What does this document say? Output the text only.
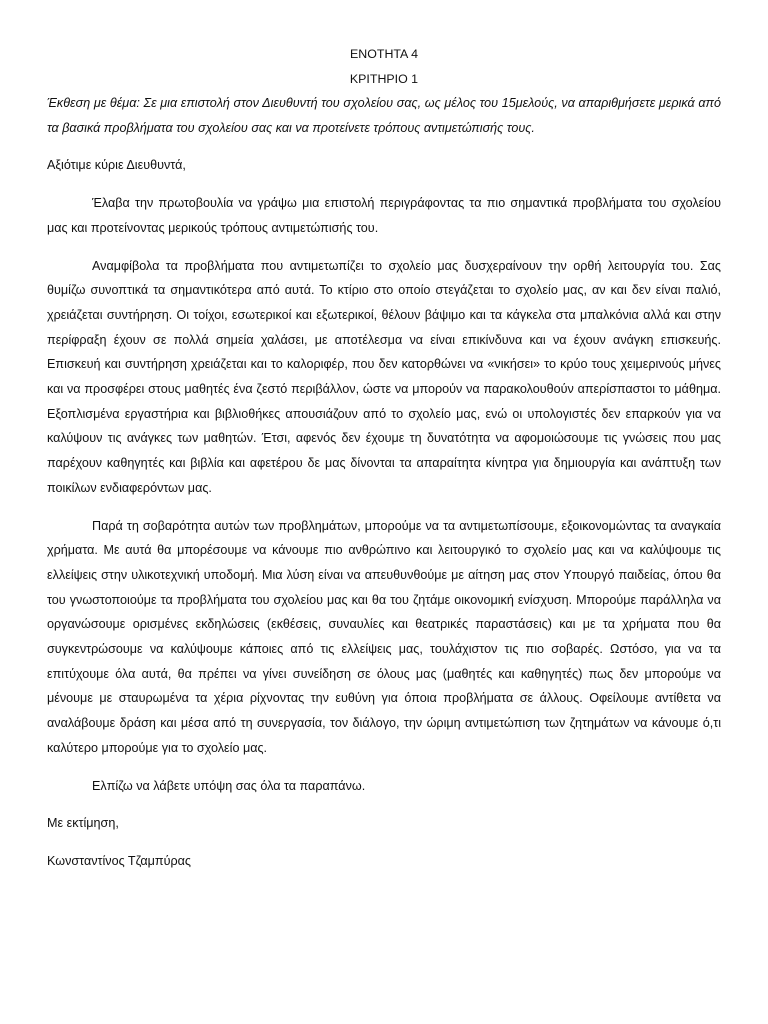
ΕΝΟΤΗΤΑ 4

ΚΡΙΤΗΡΙΟ 1

Έκθεση με θέμα: Σε μια επιστολή στον Διευθυντή του σχολείου σας, ως μέλος του 15μελούς, να απαριθμήσετε μερικά από τα βασικά προβλήματα του σχολείου σας και να προτείνετε τρόπους αντιμετώπισής τους.

Αξιότιμε κύριε Διευθυντά,

Έλαβα την πρωτοβουλία να γράψω μια επιστολή περιγράφοντας τα πιο σημαντικά προβλήματα του σχολείου μας και προτείνοντας μερικούς τρόπους αντιμετώπισής του.

Αναμφίβολα τα προβλήματα που αντιμετωπίζει το σχολείο μας δυσχεραίνουν την ορθή λειτουργία του. Σας θυμίζω συνοπτικά τα σημαντικότερα από αυτά. Το κτίριο στο οποίο στεγάζεται το σχολείο μας, αν και δεν είναι παλιό, χρειάζεται συντήρηση. Οι τοίχοι, εσωτερικοί και εξωτερικοί, θέλουν βάψιμο και τα κάγκελα στα μπαλκόνια αλλά και στην περίφραξη έχουν σε πολλά σημεία χαλάσει, με αποτέλεσμα να είναι επικίνδυνα και να έχουν ανάγκη επισκευής. Επισκευή και συντήρηση χρειάζεται και το καλοριφέρ, που δεν κατορθώνει να «νικήσει» το κρύο τους χειμερινούς μήνες και να προσφέρει στους μαθητές ένα ζεστό περιβάλλον, ώστε να μπορούν να παρακολουθούν απερίσπαστοι το μάθημα. Εξοπλισμένα εργαστήρια και βιβλιοθήκες απουσιάζουν από το σχολείο μας, ενώ οι υπολογιστές δεν επαρκούν για να καλύψουν τις ανάγκες των μαθητών. Έτσι, αφενός δεν έχουμε τη δυνατότητα να αφομοιώσουμε τις γνώσεις που μας παρέχουν καθηγητές και βιβλία και αφετέρου δε μας δίνονται τα απαραίτητα κίνητρα για δημιουργία και ανάπτυξη των ποικίλων ενδιαφερόντων μας.

Παρά τη σοβαρότητα αυτών των προβλημάτων, μπορούμε να τα αντιμετωπίσουμε, εξοικονομώντας τα αναγκαία χρήματα. Με αυτά θα μπορέσουμε να κάνουμε πιο ανθρώπινο και λειτουργικό το σχολείο μας και να καλύψουμε τις ελλείψεις στην υλικοτεχνική υποδομή. Μια λύση είναι να απευθυνθούμε με αίτηση μας στον Υπουργό παιδείας, όπου θα του γνωστοποιούμε τα προβλήματα του σχολείου μας και θα του ζητάμε οικονομική ενίσχυση. Μπορούμε παράλληλα να οργανώσουμε ορισμένες εκδηλώσεις (εκθέσεις, συναυλίες και θεατρικές παραστάσεις) και με τα χρήματα που θα συγκεντρώσουμε να καλύψουμε κάποιες από τις ελλείψεις μας, τουλάχιστον τις πιο σοβαρές. Ωστόσο, για να τα επιτύχουμε όλα αυτά, θα πρέπει να γίνει συνείδηση σε όλους μας (μαθητές και καθηγητές) πως δεν μπορούμε να μένουμε με σταυρωμένα τα χέρια ρίχνοντας την ευθύνη για όποια προβλήματα σε άλλους. Οφείλουμε αντίθετα να αναλάβουμε δράση και μέσα από τη συνεργασία, τον διάλογο, την ώριμη αντιμετώπιση των ζητημάτων να κάνουμε ό,τι καλύτερο μπορούμε για το σχολείο μας.

Ελπίζω να λάβετε υπόψη σας όλα τα παραπάνω.

Με εκτίμηση,

Κωνσταντίνος Τζαμπύρας
